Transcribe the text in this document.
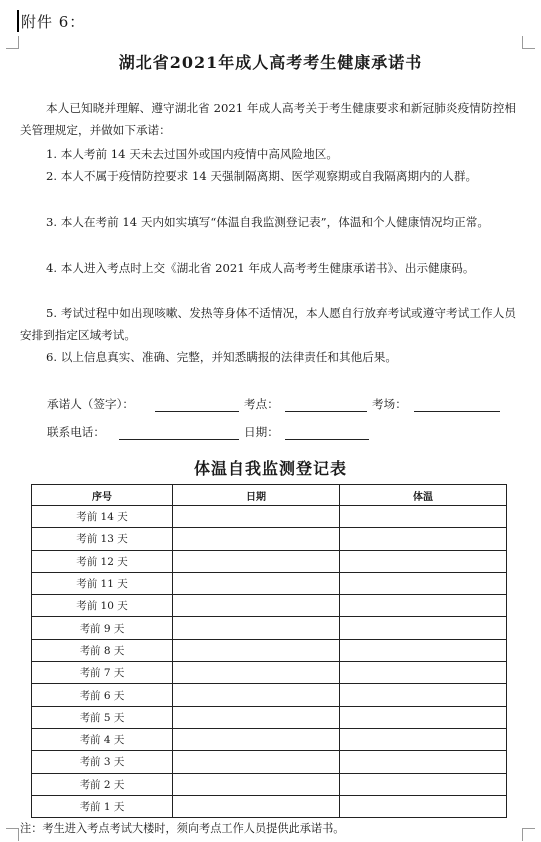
附件 6：
湖北省2021年成人高考考生健康承诺书
本人已知晓并理解、遵守湖北省 2021 年成人高考关于考生健康要求和新冠肺炎疫情防控相关管理规定，并做如下承诺：
1. 本人考前 14 天未去过国外或国内疫情中高风险地区。
2. 本人不属于疫情防控要求 14 天强制隔离期、医学观察期或自我隔离期内的人群。
3. 本人在考前 14 天内如实填写“体温自我监测登记表”，体温和个人健康情况均正常。
4. 本人进入考点时上交《湖北省 2021 年成人高考考生健康承诺书》、出示健康码。
5. 考试过程中如出现咳嗽、发热等身体不适情况，本人愿自行放弃考试或遵守考试工作人员安排到指定区域考试。
6. 以上信息真实、准确、完整，并知悉瞒报的法律责任和其他后果。
承诺人（签字）：	考点：	考场：
联系电话：	日期：
体温自我监测登记表
序号	日期	体温
考前 14 天		
考前 13 天		
考前 12 天		
考前 11 天		
考前 10 天		
考前 9 天		
考前 8 天		
考前 7 天		
考前 6 天		
考前 5 天		
考前 4 天		
考前 3 天		
考前 2 天		
考前 1 天		
注：考生进入考点考试大楼时，须向考点工作人员提供此承诺书。
